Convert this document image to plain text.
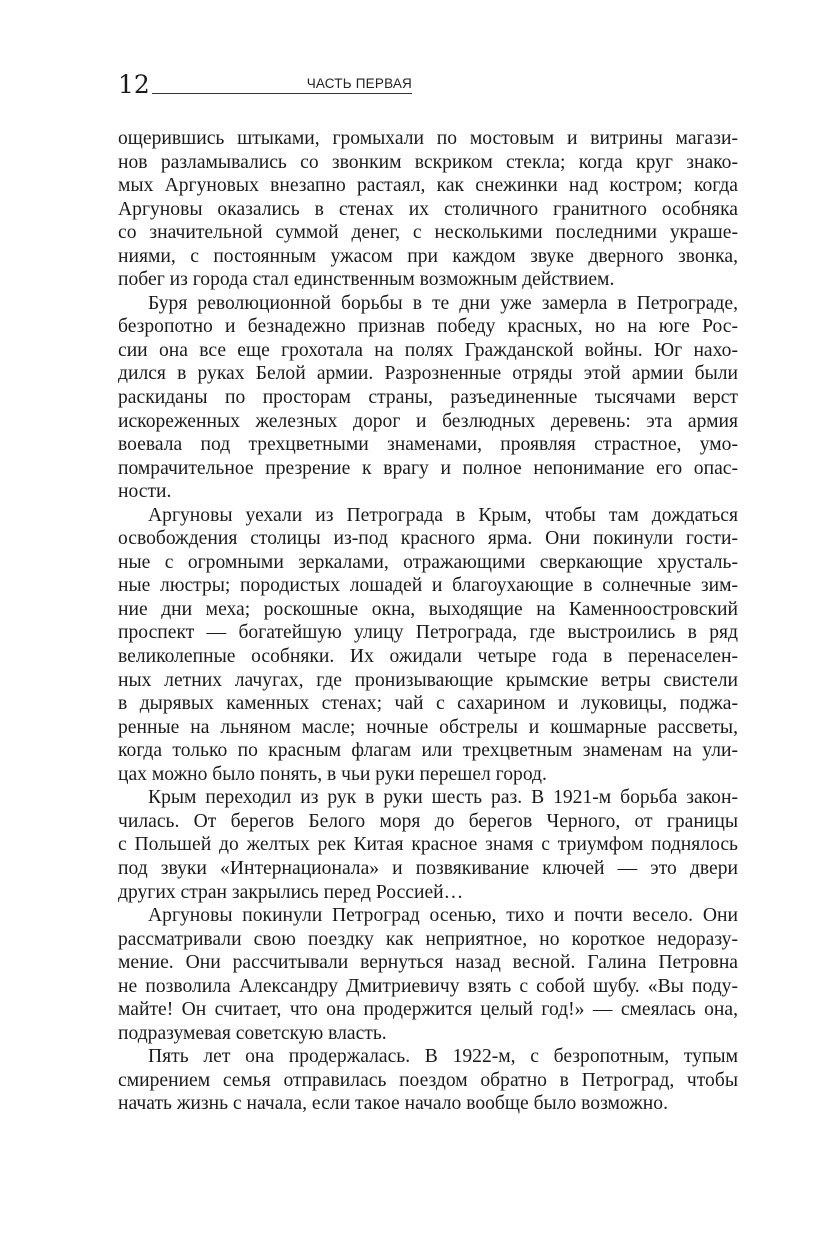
12	ЧАСТЬ ПЕРВАЯ

ощерившись штыками, громыхали по мостовым и витрины магази-
нов разламывались со звонким вскриком стекла; когда круг знако-
мых Аргуновых внезапно растаял, как снежинки над костром; когда
Аргуновы оказались в стенах их столичного гранитного особняка
со значительной суммой денег, с несколькими последними украше-
ниями, с постоянным ужасом при каждом звуке дверного звонка,
побег из города стал единственным возможным действием.

Буря революционной борьбы в те дни уже замерла в Петрограде,
безропотно и безнадежно признав победу красных, но на юге Рос-
сии она все еще грохотала на полях Гражданской войны. Юг нахо-
дился в руках Белой армии. Разрозненные отряды этой армии были
раскиданы по просторам страны, разъединенные тысячами верст
искореженных железных дорог и безлюдных деревень: эта армия
воевала под трехцветными знаменами, проявляя страстное, умо-
помрачительное презрение к врагу и полное непонимание его опас-
ности.

Аргуновы уехали из Петрограда в Крым, чтобы там дождаться
освобождения столицы из-под красного ярма. Они покинули гости-
ные с огромными зеркалами, отражающими сверкающие хрусталь-
ные люстры; породистых лошадей и благоухающие в солнечные зим-
ние дни меха; роскошные окна, выходящие на Каменноостровский
проспект — богатейшую улицу Петрограда, где выстроились в ряд
великолепные особняки. Их ожидали четыре года в перенаселен-
ных летних лачугах, где пронизывающие крымские ветры свистели
в дырявых каменных стенах; чай с сахарином и луковицы, поджа-
ренные на льняном масле; ночные обстрелы и кошмарные рассветы,
когда только по красным флагам или трехцветным знаменам на ули-
цах можно было понять, в чьи руки перешел город.

Крым переходил из рук в руки шесть раз. В 1921-м борьба закон-
чилась. От берегов Белого моря до берегов Черного, от границы
с Польшей до желтых рек Китая красное знамя с триумфом поднялось
под звуки «Интернационала» и позвякивание ключей — это двери
других стран закрылись перед Россией…

Аргуновы покинули Петроград осенью, тихо и почти весело. Они
рассматривали свою поездку как неприятное, но короткое недоразу-
мение. Они рассчитывали вернуться назад весной. Галина Петровна
не позволила Александру Дмитриевичу взять с собой шубу. «Вы поду-
майте! Он считает, что она продержится целый год!» — смеялась она,
подразумевая советскую власть.

Пять лет она продержалась. В 1922-м, с безропотным, тупым
смирением семья отправилась поездом обратно в Петроград, чтобы
начать жизнь с начала, если такое начало вообще было возможно.
